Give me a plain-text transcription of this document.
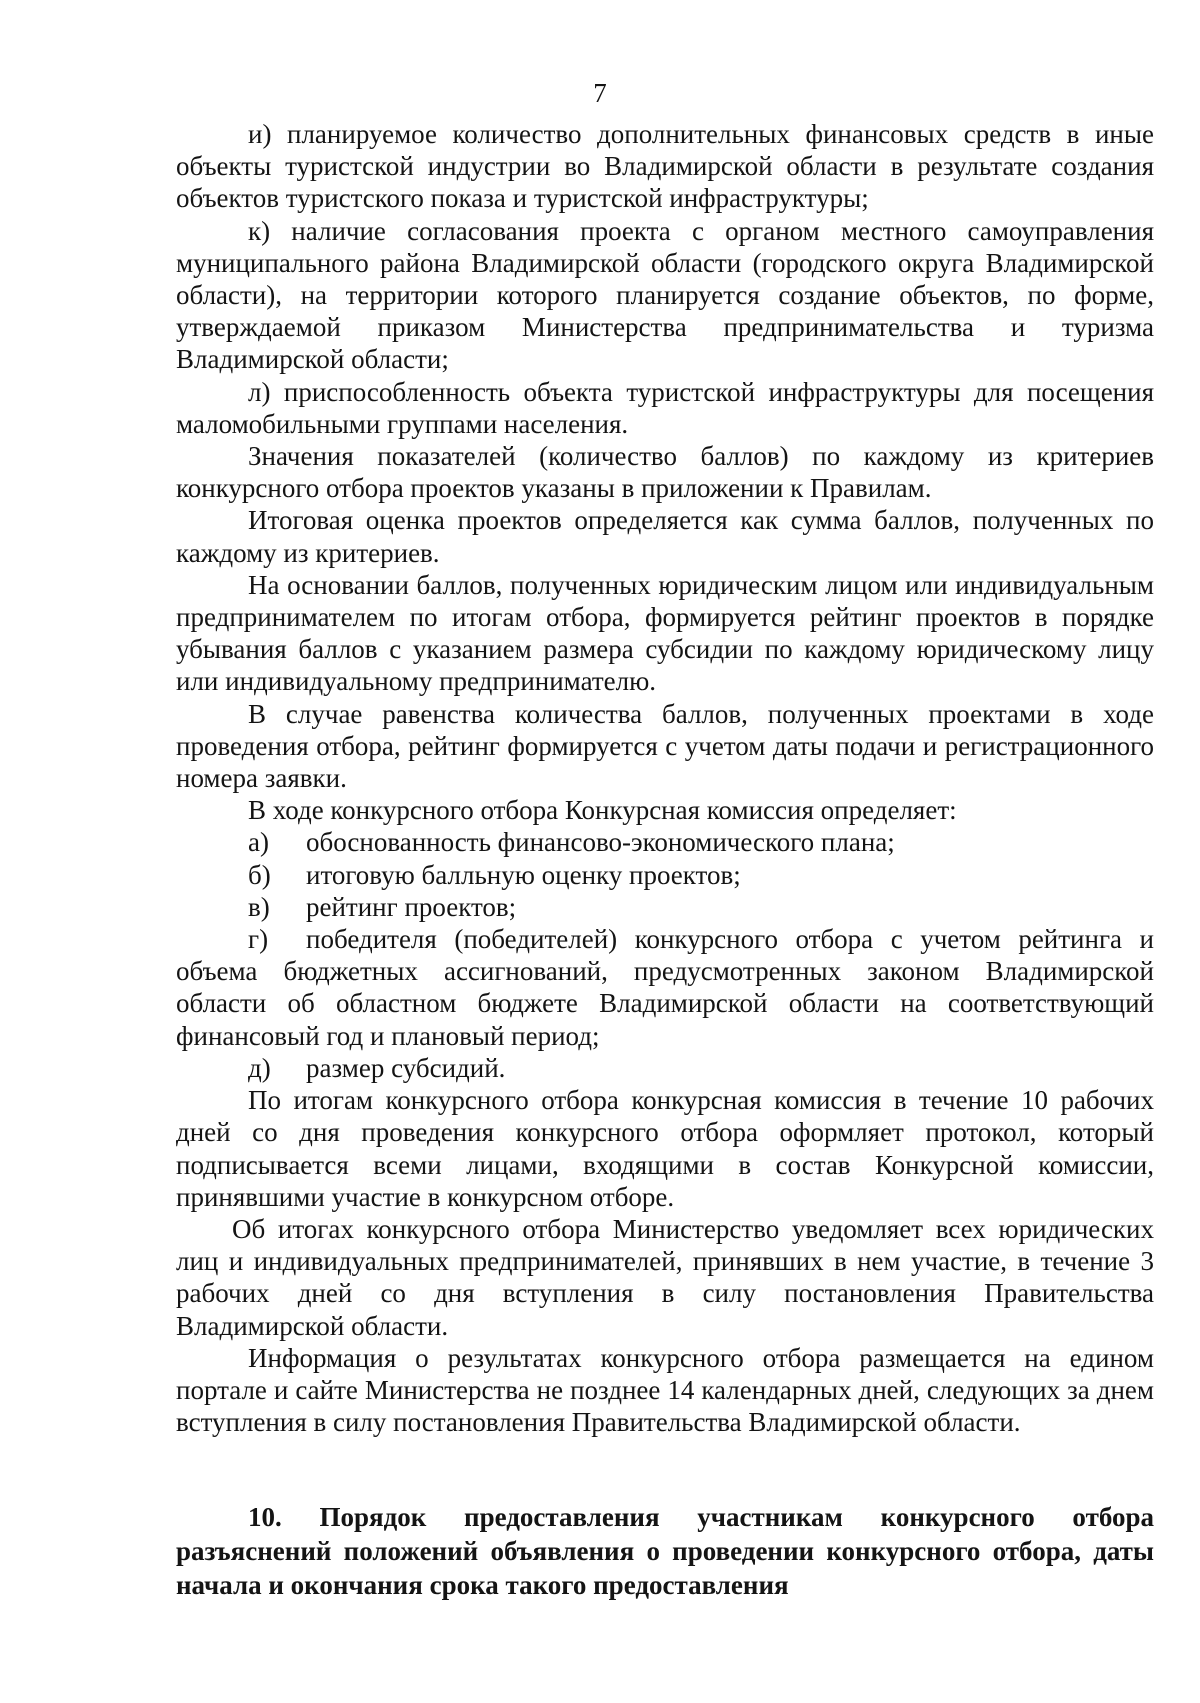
7

и) планируемое количество дополнительных финансовых средств в иные объекты туристской индустрии во Владимирской области в результате создания объектов туристского показа и туристской инфраструктуры;

к) наличие согласования проекта с органом местного самоуправления муниципального района Владимирской области (городского округа Владимирской области), на территории которого планируется создание объектов, по форме, утверждаемой приказом Министерства предпринимательства и туризма Владимирской области;

л) приспособленность объекта туристской инфраструктуры для посещения маломобильными группами населения.

Значения показателей (количество баллов) по каждому из критериев конкурсного отбора проектов указаны в приложении к Правилам.

Итоговая оценка проектов определяется как сумма баллов, полученных по каждому из критериев.

На основании баллов, полученных юридическим лицом или индивидуальным предпринимателем по итогам отбора, формируется рейтинг проектов в порядке убывания баллов с указанием размера субсидии по каждому юридическому лицу или индивидуальному предпринимателю.

В случае равенства количества баллов, полученных проектами в ходе проведения отбора, рейтинг формируется с учетом даты подачи и регистрационного номера заявки.

В ходе конкурсного отбора Конкурсная комиссия определяет:

а)	обоснованность финансово-экономического плана;
б)	итоговую балльную оценку проектов;
в)	рейтинг проектов;

г) победителя (победителей) конкурсного отбора с учетом рейтинга и объема бюджетных ассигнований, предусмотренных законом Владимирской области об областном бюджете Владимирской области на соответствующий финансовый год и плановый период;

д)	размер субсидий.

По итогам конкурсного отбора конкурсная комиссия в течение 10 рабочих дней со дня проведения конкурсного отбора оформляет протокол, который подписывается всеми лицами, входящими в состав Конкурсной комиссии, принявшими участие в конкурсном отборе.

Об итогах конкурсного отбора Министерство уведомляет всех юридических лиц и индивидуальных предпринимателей, принявших в нем участие, в течение 3 рабочих дней со дня вступления в силу постановления Правительства Владимирской области.

Информация о результатах конкурсного отбора размещается на едином портале и сайте Министерства не позднее 14 календарных дней, следующих за днем вступления в силу постановления Правительства Владимирской области.

10. Порядок предоставления участникам конкурсного отбора разъяснений положений объявления о проведении конкурсного отбора, даты начала и окончания срока такого предоставления
